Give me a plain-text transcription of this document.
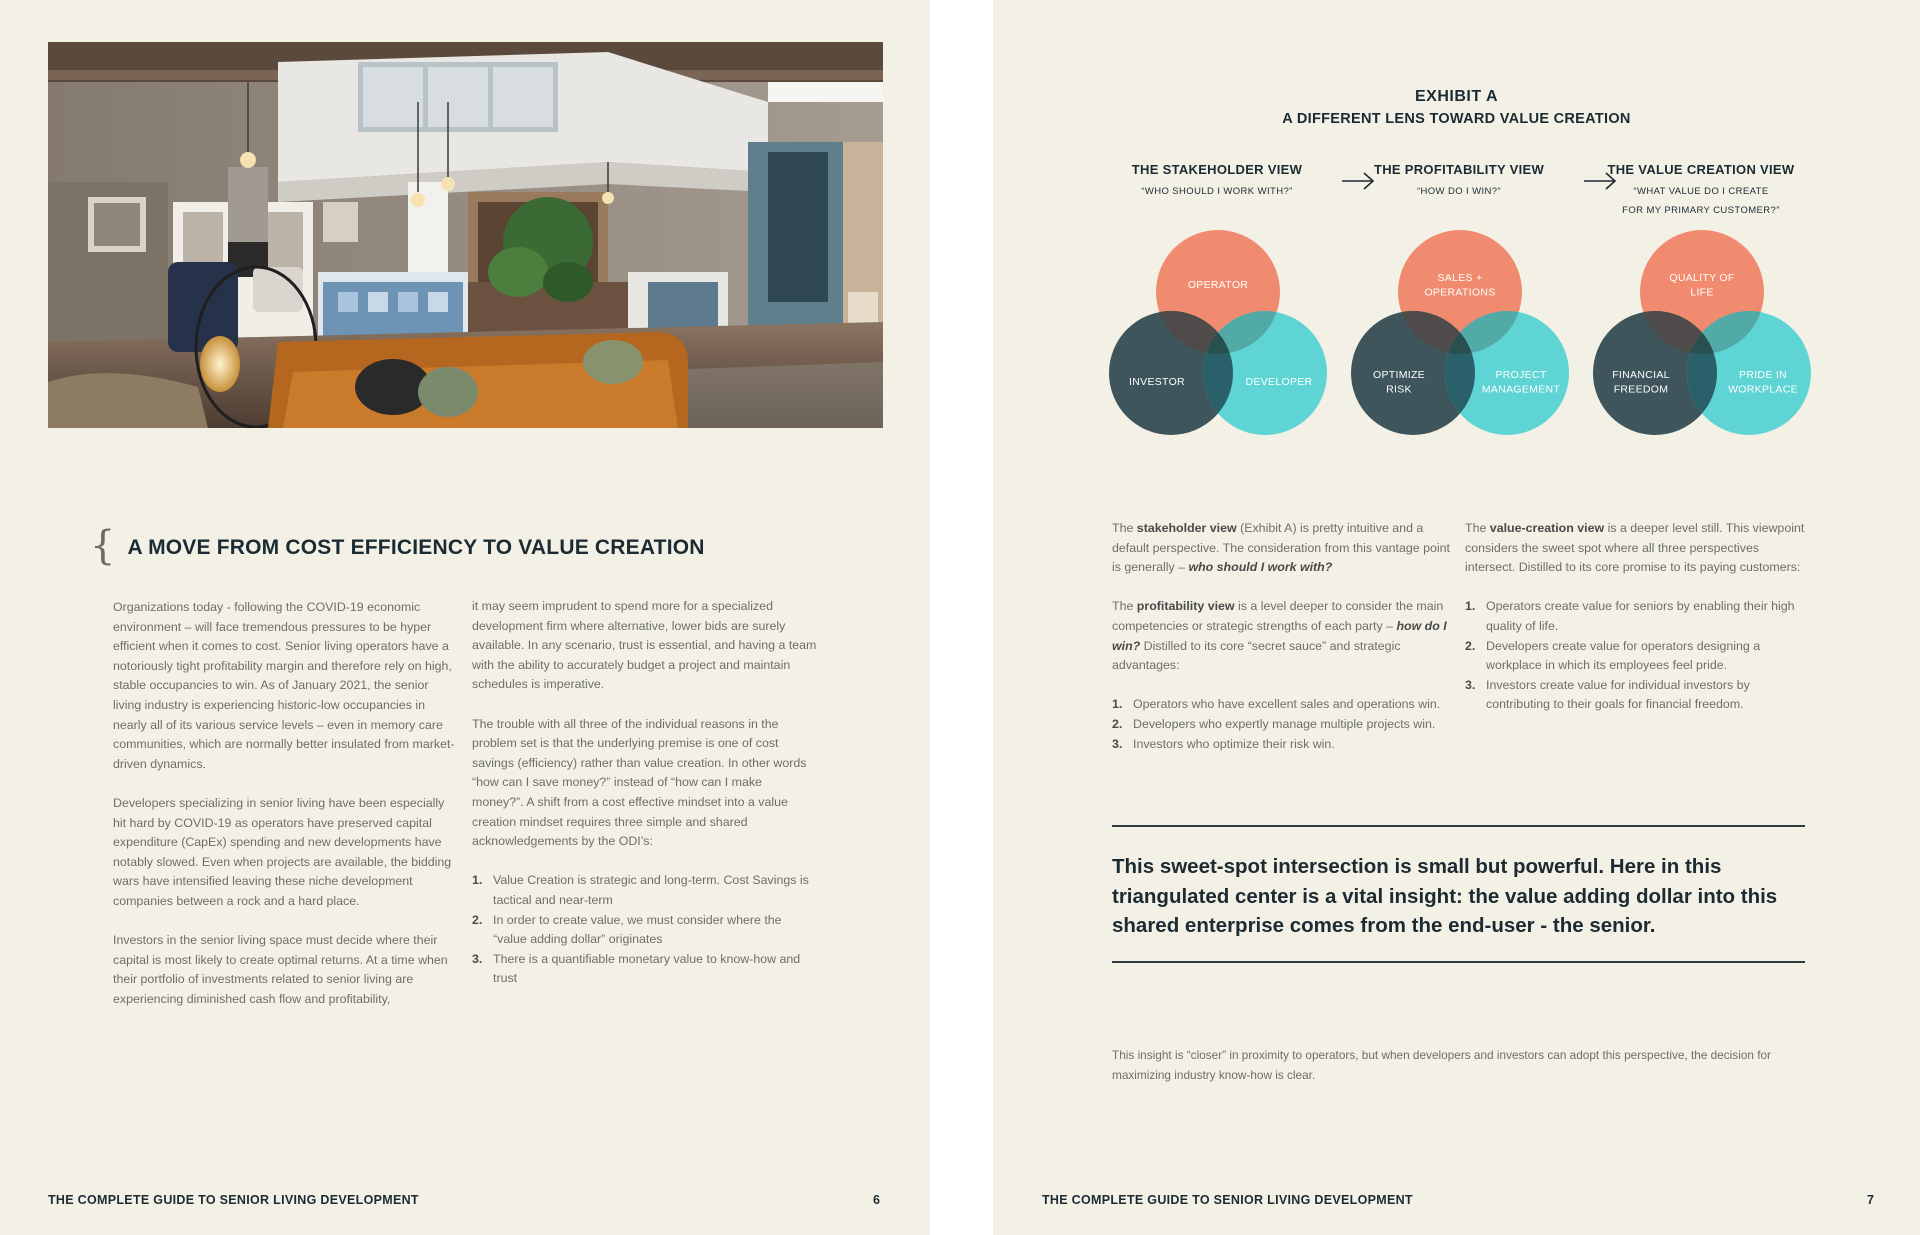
{ A MOVE FROM COST EFFICIENCY TO VALUE CREATION

Organizations today - following the COVID-19 economic environment – will face tremendous pressures to be hyper efficient when it comes to cost. Senior living operators have a notoriously tight profitability margin and therefore rely on high, stable occupancies to win. As of January 2021, the senior living industry is experiencing historic-low occupancies in nearly all of its various service levels – even in memory care communities, which are normally better insulated from market-driven dynamics.

Developers specializing in senior living have been especially hit hard by COVID-19 as operators have preserved capital expenditure (CapEx) spending and new developments have notably slowed. Even when projects are available, the bidding wars have intensified leaving these niche development companies between a rock and a hard place.

Investors in the senior living space must decide where their capital is most likely to create optimal returns. At a time when their portfolio of investments related to senior living are experiencing diminished cash flow and profitability,

it may seem imprudent to spend more for a specialized development firm where alternative, lower bids are surely available. In any scenario, trust is essential, and having a team with the ability to accurately budget a project and maintain schedules is imperative.

The trouble with all three of the individual reasons in the problem set is that the underlying premise is one of cost savings (efficiency) rather than value creation. In other words “how can I save money?” instead of “how can I make money?”. A shift from a cost effective mindset into a value creation mindset requires three simple and shared acknowledgements by the ODI’s:

1. Value Creation is strategic and long-term. Cost Savings is tactical and near-term
2. In order to create value, we must consider where the “value adding dollar” originates
3. There is a quantifiable monetary value to know-how and trust
THE COMPLETE GUIDE TO SENIOR LIVING DEVELOPMENT	6
EXHIBIT A
A DIFFERENT LENS TOWARD VALUE CREATION
THE STAKEHOLDER VIEW
“WHO SHOULD I WORK WITH?”
THE PROFITABILITY VIEW
“HOW DO I WIN?”
THE VALUE CREATION VIEW
“WHAT VALUE DO I CREATE
FOR MY PRIMARY CUSTOMER?”
OPERATOR
INVESTOR	DEVELOPER
SALES + OPERATIONS
OPTIMIZE RISK
PROJECT MANAGEMENT
QUALITY OF LIFE
FINANCIAL FREEDOM
PRIDE IN WORKPLACE

The stakeholder view (Exhibit A) is pretty intuitive and a default perspective. The consideration from this vantage point is generally – who should I work with?

The profitability view is a level deeper to consider the main competencies or strategic strengths of each party – how do I win? Distilled to its core “secret sauce” and strategic advantages:

1. Operators who have excellent sales and operations win.
2. Developers who expertly manage multiple projects win.
3. Investors who optimize their risk win.

The value-creation view is a deeper level still. This viewpoint considers the sweet spot where all three perspectives intersect. Distilled to its core promise to its paying customers:

1. Operators create value for seniors by enabling their high quality of life.
2. Developers create value for operators designing a workplace in which its employees feel pride.
3. Investors create value for individual investors by contributing to their goals for financial freedom.
This sweet-spot intersection is small but powerful. Here in this triangulated center is a vital insight: the value adding dollar into this shared enterprise comes from the end-user - the senior.
This insight is “closer” in proximity to operators, but when developers and investors can adopt this perspective, the decision for maximizing industry know-how is clear.
THE COMPLETE GUIDE TO SENIOR LIVING DEVELOPMENT	7
